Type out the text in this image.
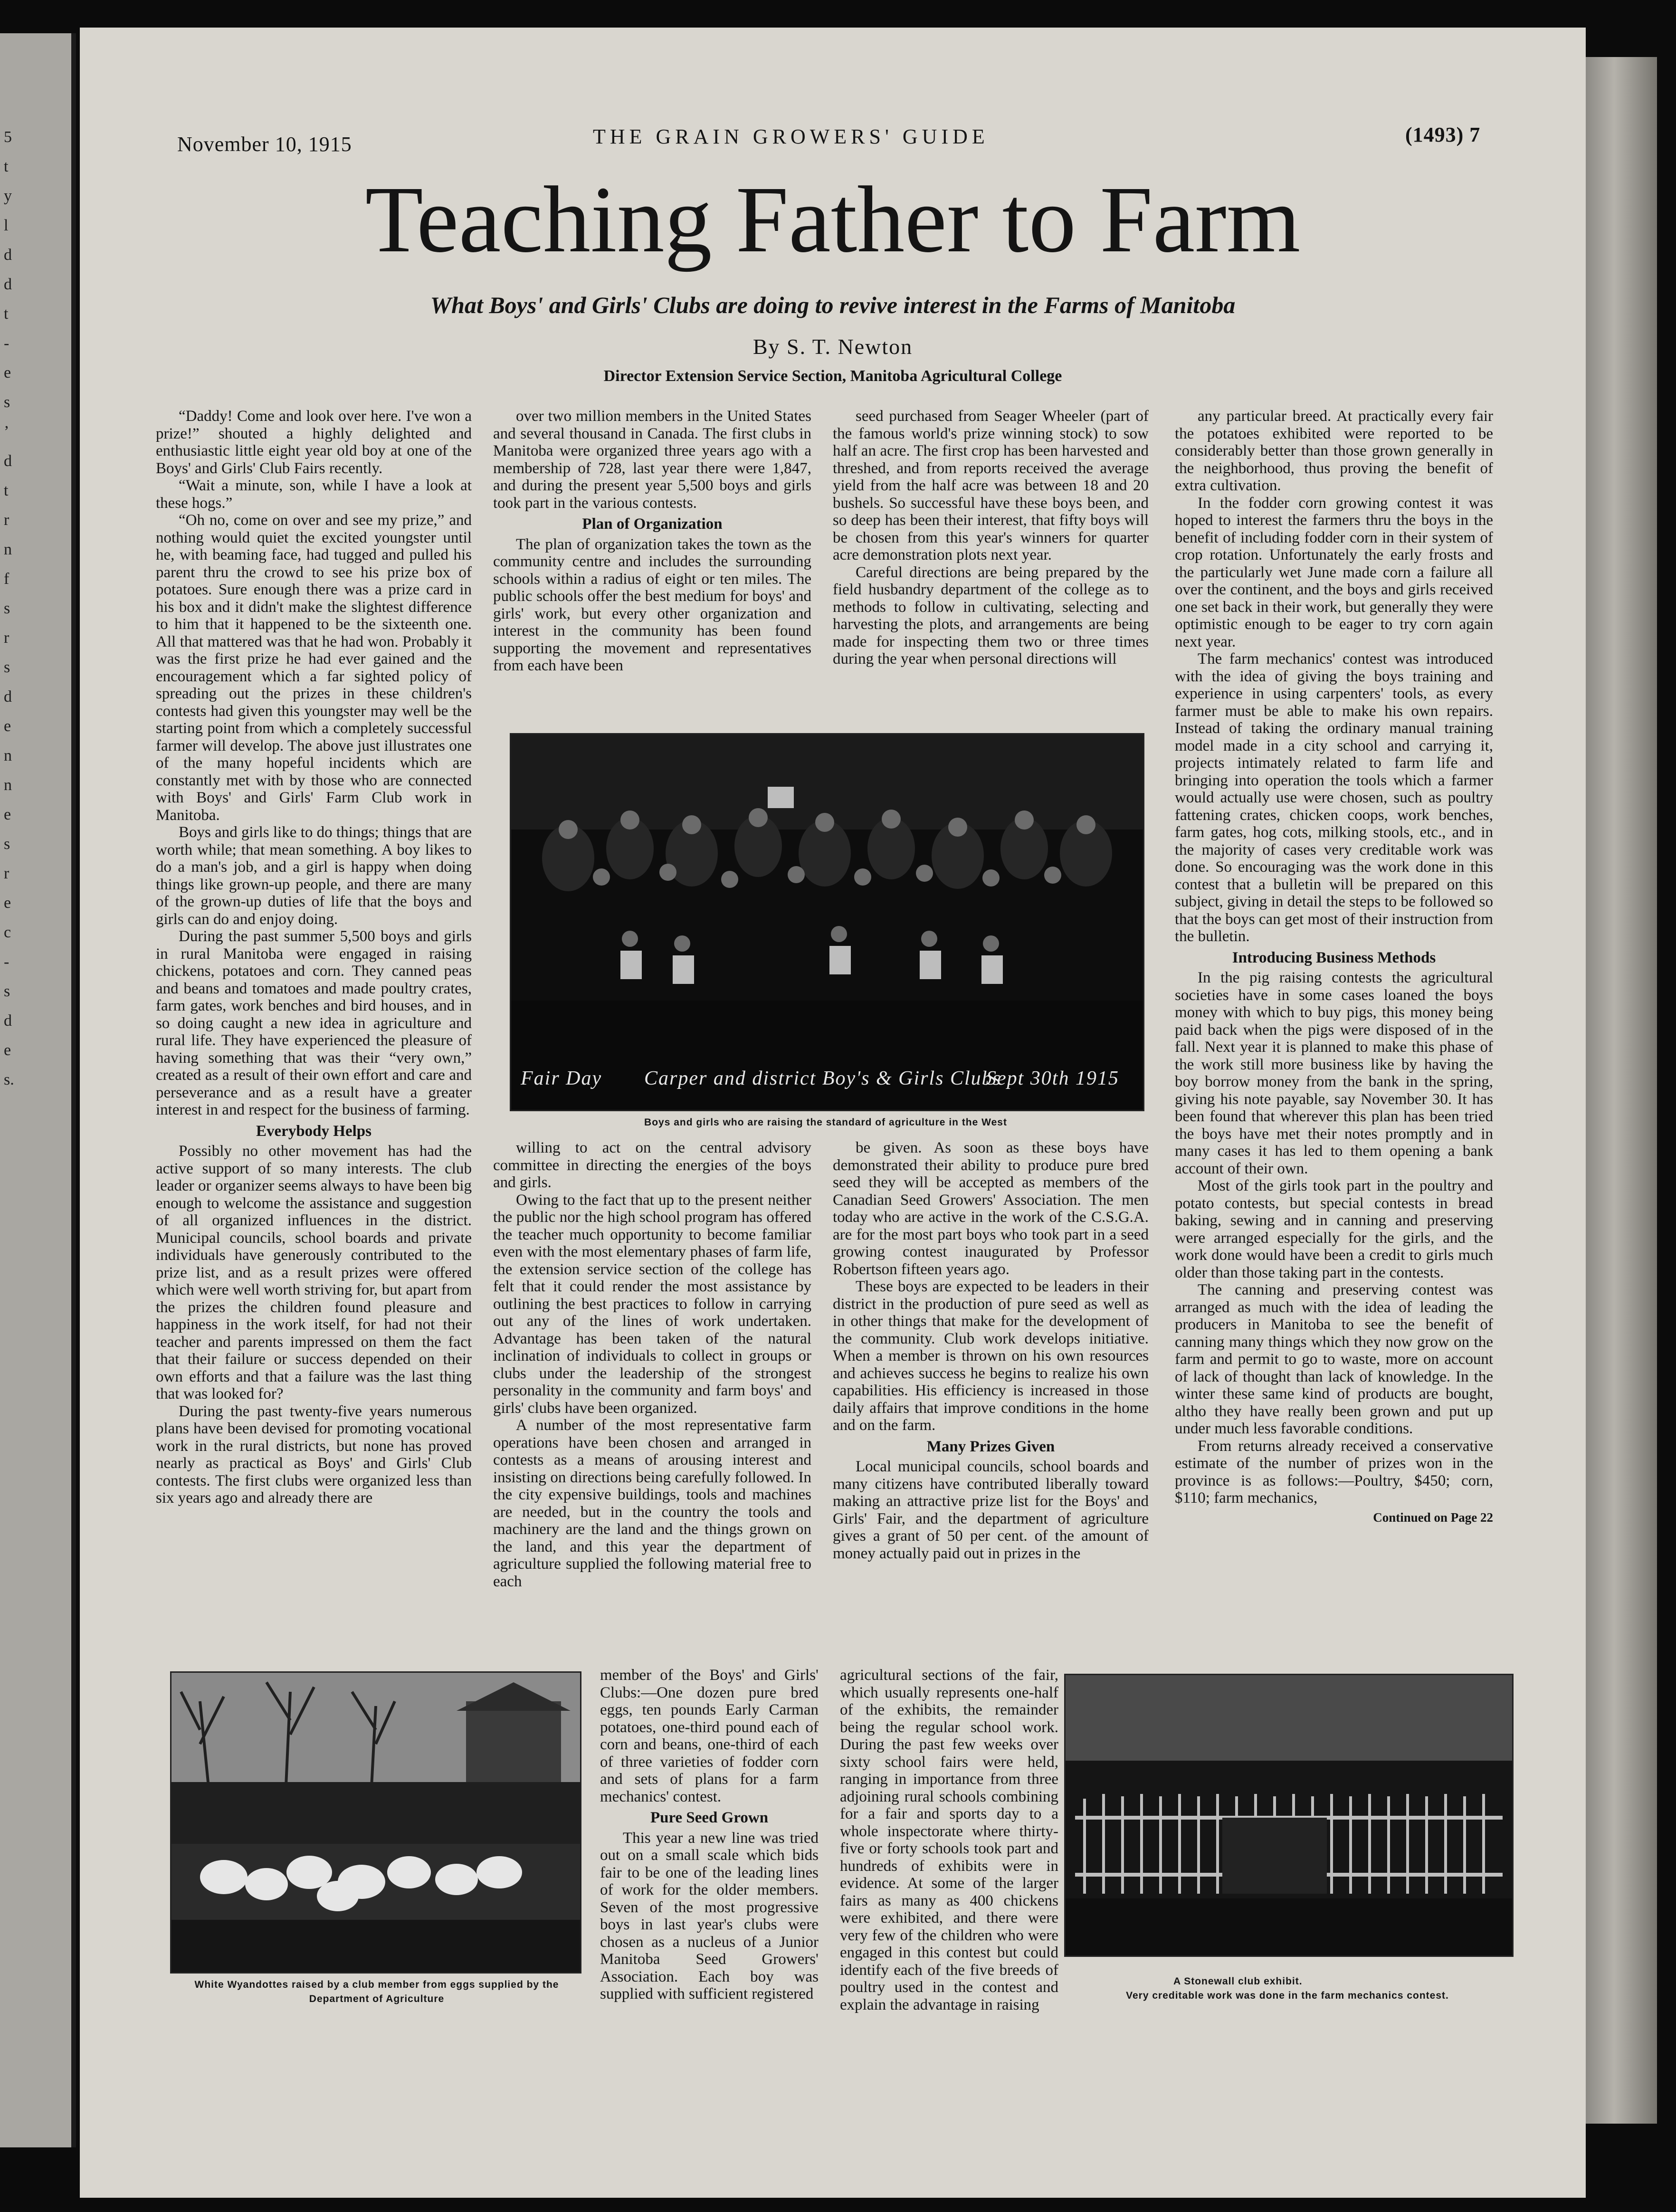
5
t
y
l
d
d
t
-
e
s
’
d
t
r
n
f
s
r
s
d
e
n
n
e
s
r
e
c
-
s
d
e
s.
November 10, 1915	THE GRAIN GROWERS' GUIDE	(1493) 7
Teaching Father to Farm
What Boys' and Girls' Clubs are doing to revive interest in the Farms of Manitoba
By S. T. Newton
Director Extension Service Section, Manitoba Agricultural College

“Daddy! Come and look over here. I've won a prize!” shouted a highly delighted and enthusiastic little eight year old boy at one of the Boys' and Girls' Club Fairs recently.

“Wait a minute, son, while I have a look at these hogs.”

“Oh no, come on over and see my prize,” and nothing would quiet the excited youngster until he, with beaming face, had tugged and pulled his parent thru the crowd to see his prize box of potatoes. Sure enough there was a prize card in his box and it didn't make the slightest difference to him that it happened to be the sixteenth one. All that mattered was that he had won. Probably it was the first prize he had ever gained and the encouragement which a far sighted policy of spreading out the prizes in these children's contests had given this youngster may well be the starting point from which a completely successful farmer will develop. The above just illustrates one of the many hopeful incidents which are constantly met with by those who are connected with Boys' and Girls' Farm Club work in Manitoba.

Boys and girls like to do things; things that are worth while; that mean something. A boy likes to do a man's job, and a girl is happy when doing things like grown-up people, and there are many of the grown-up duties of life that the boys and girls can do and enjoy doing.

During the past summer 5,500 boys and girls in rural Manitoba were engaged in raising chickens, potatoes and corn. They canned peas and beans and tomatoes and made poultry crates, farm gates, work benches and bird houses, and in so doing caught a new idea in agriculture and rural life. They have experienced the pleasure of having something that was their “very own,” created as a result of their own effort and care and perseverance and as a result have a greater interest in and respect for the business of farming.

Everybody Helps

Possibly no other movement has had the active support of so many interests. The club leader or organizer seems always to have been big enough to welcome the assistance and suggestion of all organized influences in the district. Municipal councils, school boards and private individuals have generously contributed to the prize list, and as a result prizes were offered which were well worth striving for, but apart from the prizes the children found pleasure and happiness in the work itself, for had not their teacher and parents impressed on them the fact that their failure or success depended on their own efforts and that a failure was the last thing that was looked for?

During the past twenty-five years numerous plans have been devised for promoting vocational work in the rural districts, but none has proved nearly as practical as Boys' and Girls' Club contests. The first clubs were organized less than six years ago and already there are

over two million members in the United States and several thousand in Canada. The first clubs in Manitoba were organized three years ago with a membership of 728, last year there were 1,847, and during the present year 5,500 boys and girls took part in the various contests.

Plan of Organization

The plan of organization takes the town as the community centre and includes the surrounding schools within a radius of eight or ten miles. The public schools offer the best medium for boys' and girls' work, but every other organization and interest in the community has been found supporting the movement and representatives from each have been

seed purchased from Seager Wheeler (part of the famous world's prize winning stock) to sow half an acre. The first crop has been harvested and threshed, and from reports received the average yield from the half acre was between 18 and 20 bushels. So successful have these boys been, and so deep has been their interest, that fifty boys will be chosen from this year's winners for quarter acre demonstration plots next year.

Careful directions are being prepared by the field husbandry department of the college as to methods to follow in cultivating, selecting and harvesting the plots, and arrangements are being made for inspecting them two or three times during the year when personal directions will

any particular breed. At practically every fair the potatoes exhibited were reported to be considerably better than those grown generally in the neighborhood, thus proving the benefit of extra cultivation.

In the fodder corn growing contest it was hoped to interest the farmers thru the boys in the benefit of including fodder corn in their system of crop rotation. Unfortunately the early frosts and the particularly wet June made corn a failure all over the continent, and the boys and girls received one set back in their work, but generally they were optimistic enough to be eager to try corn again next year.

The farm mechanics' contest was introduced with the idea of giving the boys training and experience in using carpenters' tools, as every farmer must be able to make his own repairs. Instead of taking the ordinary manual training model made in a city school and carrying it, projects intimately related to farm life and bringing into operation the tools which a farmer would actually use were chosen, such as poultry fattening crates, chicken coops, work benches, farm gates, hog cots, milking stools, etc., and in the majority of cases very creditable work was done. So encouraging was the work done in this contest that a bulletin will be prepared on this subject, giving in detail the steps to be followed so that the boys can get most of their instruction from the bulletin.

Introducing Business Methods

In the pig raising contests the agricultural societies have in some cases loaned the boys money with which to buy pigs, this money being paid back when the pigs were disposed of in the fall. Next year it is planned to make this phase of the work still more business like by having the boy borrow money from the bank in the spring, giving his note payable, say November 30. It has been found that wherever this plan has been tried the boys have met their notes promptly and in many cases it has led to them opening a bank account of their own.

Most of the girls took part in the poultry and potato contests, but special contests in bread baking, sewing and in canning and preserving were arranged especially for the girls, and the work done would have been a credit to girls much older than those taking part in the contests.

The canning and preserving contest was arranged as much with the idea of leading the producers in Manitoba to see the benefit of canning many things which they now grow on the farm and permit to go to waste, more on account of lack of thought than lack of knowledge. In the winter these same kind of products are bought, altho they have really been grown and put up under much less favorable conditions.

From returns already received a conservative estimate of the number of prizes won in the province is as follows:—Poultry, $450; corn, $110; farm mechanics,

Continued on Page 22
Fair Day Carper and district Boy's & Girls Clubs
Sept 30th 1915
Boys and girls who are raising the standard of agriculture in the West

willing to act on the central advisory committee in directing the energies of the boys and girls.

Owing to the fact that up to the present neither the public nor the high school program has offered the teacher much opportunity to become familiar even with the most elementary phases of farm life, the extension service section of the college has felt that it could render the most assistance by outlining the best practices to follow in carrying out any of the lines of work undertaken. Advantage has been taken of the natural inclination of individuals to collect in groups or clubs under the leadership of the strongest personality in the community and farm boys' and girls' clubs have been organized.

A number of the most representative farm operations have been chosen and arranged in contests as a means of arousing interest and insisting on directions being carefully followed. In the city expensive buildings, tools and machines are needed, but in the country the tools and machinery are the land and the things grown on the land, and this year the department of agriculture supplied the following material free to each

be given. As soon as these boys have demonstrated their ability to produce pure bred seed they will be accepted as members of the Canadian Seed Growers' Association. The men today who are active in the work of the C.S.G.A. are for the most part boys who took part in a seed growing contest inaugurated by Professor Robertson fifteen years ago.

These boys are expected to be leaders in their district in the production of pure seed as well as in other things that make for the development of the community. Club work develops initiative. When a member is thrown on his own resources and achieves success he begins to realize his own capabilities. His efficiency is increased in those daily affairs that improve conditions in the home and on the farm.

Many Prizes Given

Local municipal councils, school boards and many citizens have contributed liberally toward making an attractive prize list for the Boys' and Girls' Fair, and the department of agriculture gives a grant of 50 per cent. of the amount of money actually paid out in prizes in the

White Wyandottes raised by a club member from eggs supplied by the Department of Agriculture

member of the Boys' and Girls' Clubs:—One dozen pure bred eggs, ten pounds Early Carman potatoes, one-third pound each of corn and beans, one-third of each of three varieties of fodder corn and sets of plans for a farm mechanics' contest.

Pure Seed Grown

This year a new line was tried out on a small scale which bids fair to be one of the leading lines of work for the older members. Seven of the most progressive boys in last year's clubs were chosen as a nucleus of a Junior Manitoba Seed Growers' Association. Each boy was supplied with sufficient registered

agricultural sections of the fair, which usually represents one-half of the exhibits, the remainder being the regular school work. During the past few weeks over sixty school fairs were held, ranging in importance from three adjoining rural schools combining for a fair and sports day to a whole inspectorate where thirty-five or forty schools took part and hundreds of exhibits were in evidence. At some of the larger fairs as many as 400 chickens were exhibited, and there were very few of the children who were engaged in this contest but could identify each of the five breeds of poultry used in the contest and explain the advantage in raising

A Stonewall club exhibit.
Very creditable work was done in the farm mechanics contest.
